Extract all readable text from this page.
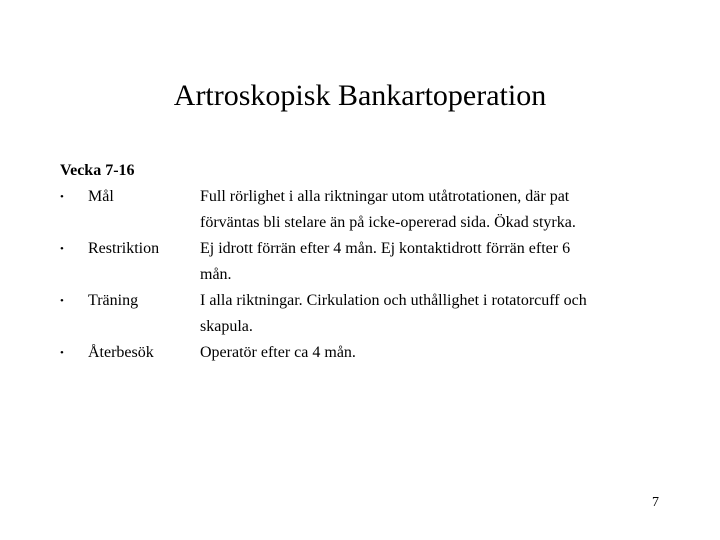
Artroskopisk Bankartoperation
Vecka 7-16
• Mål	Full rörlighet i alla riktningar utom utåtrotationen, där pat
förväntas bli stelare än på icke-opererad sida. Ökad styrka.
• Restriktion	Ej idrott förrän efter 4 mån. Ej kontaktidrott förrän efter 6
mån.
• Träning	I alla riktningar. Cirkulation och uthållighet i rotatorcuff och
skapula.
• Återbesök	Operatör efter ca 4 mån.
7
